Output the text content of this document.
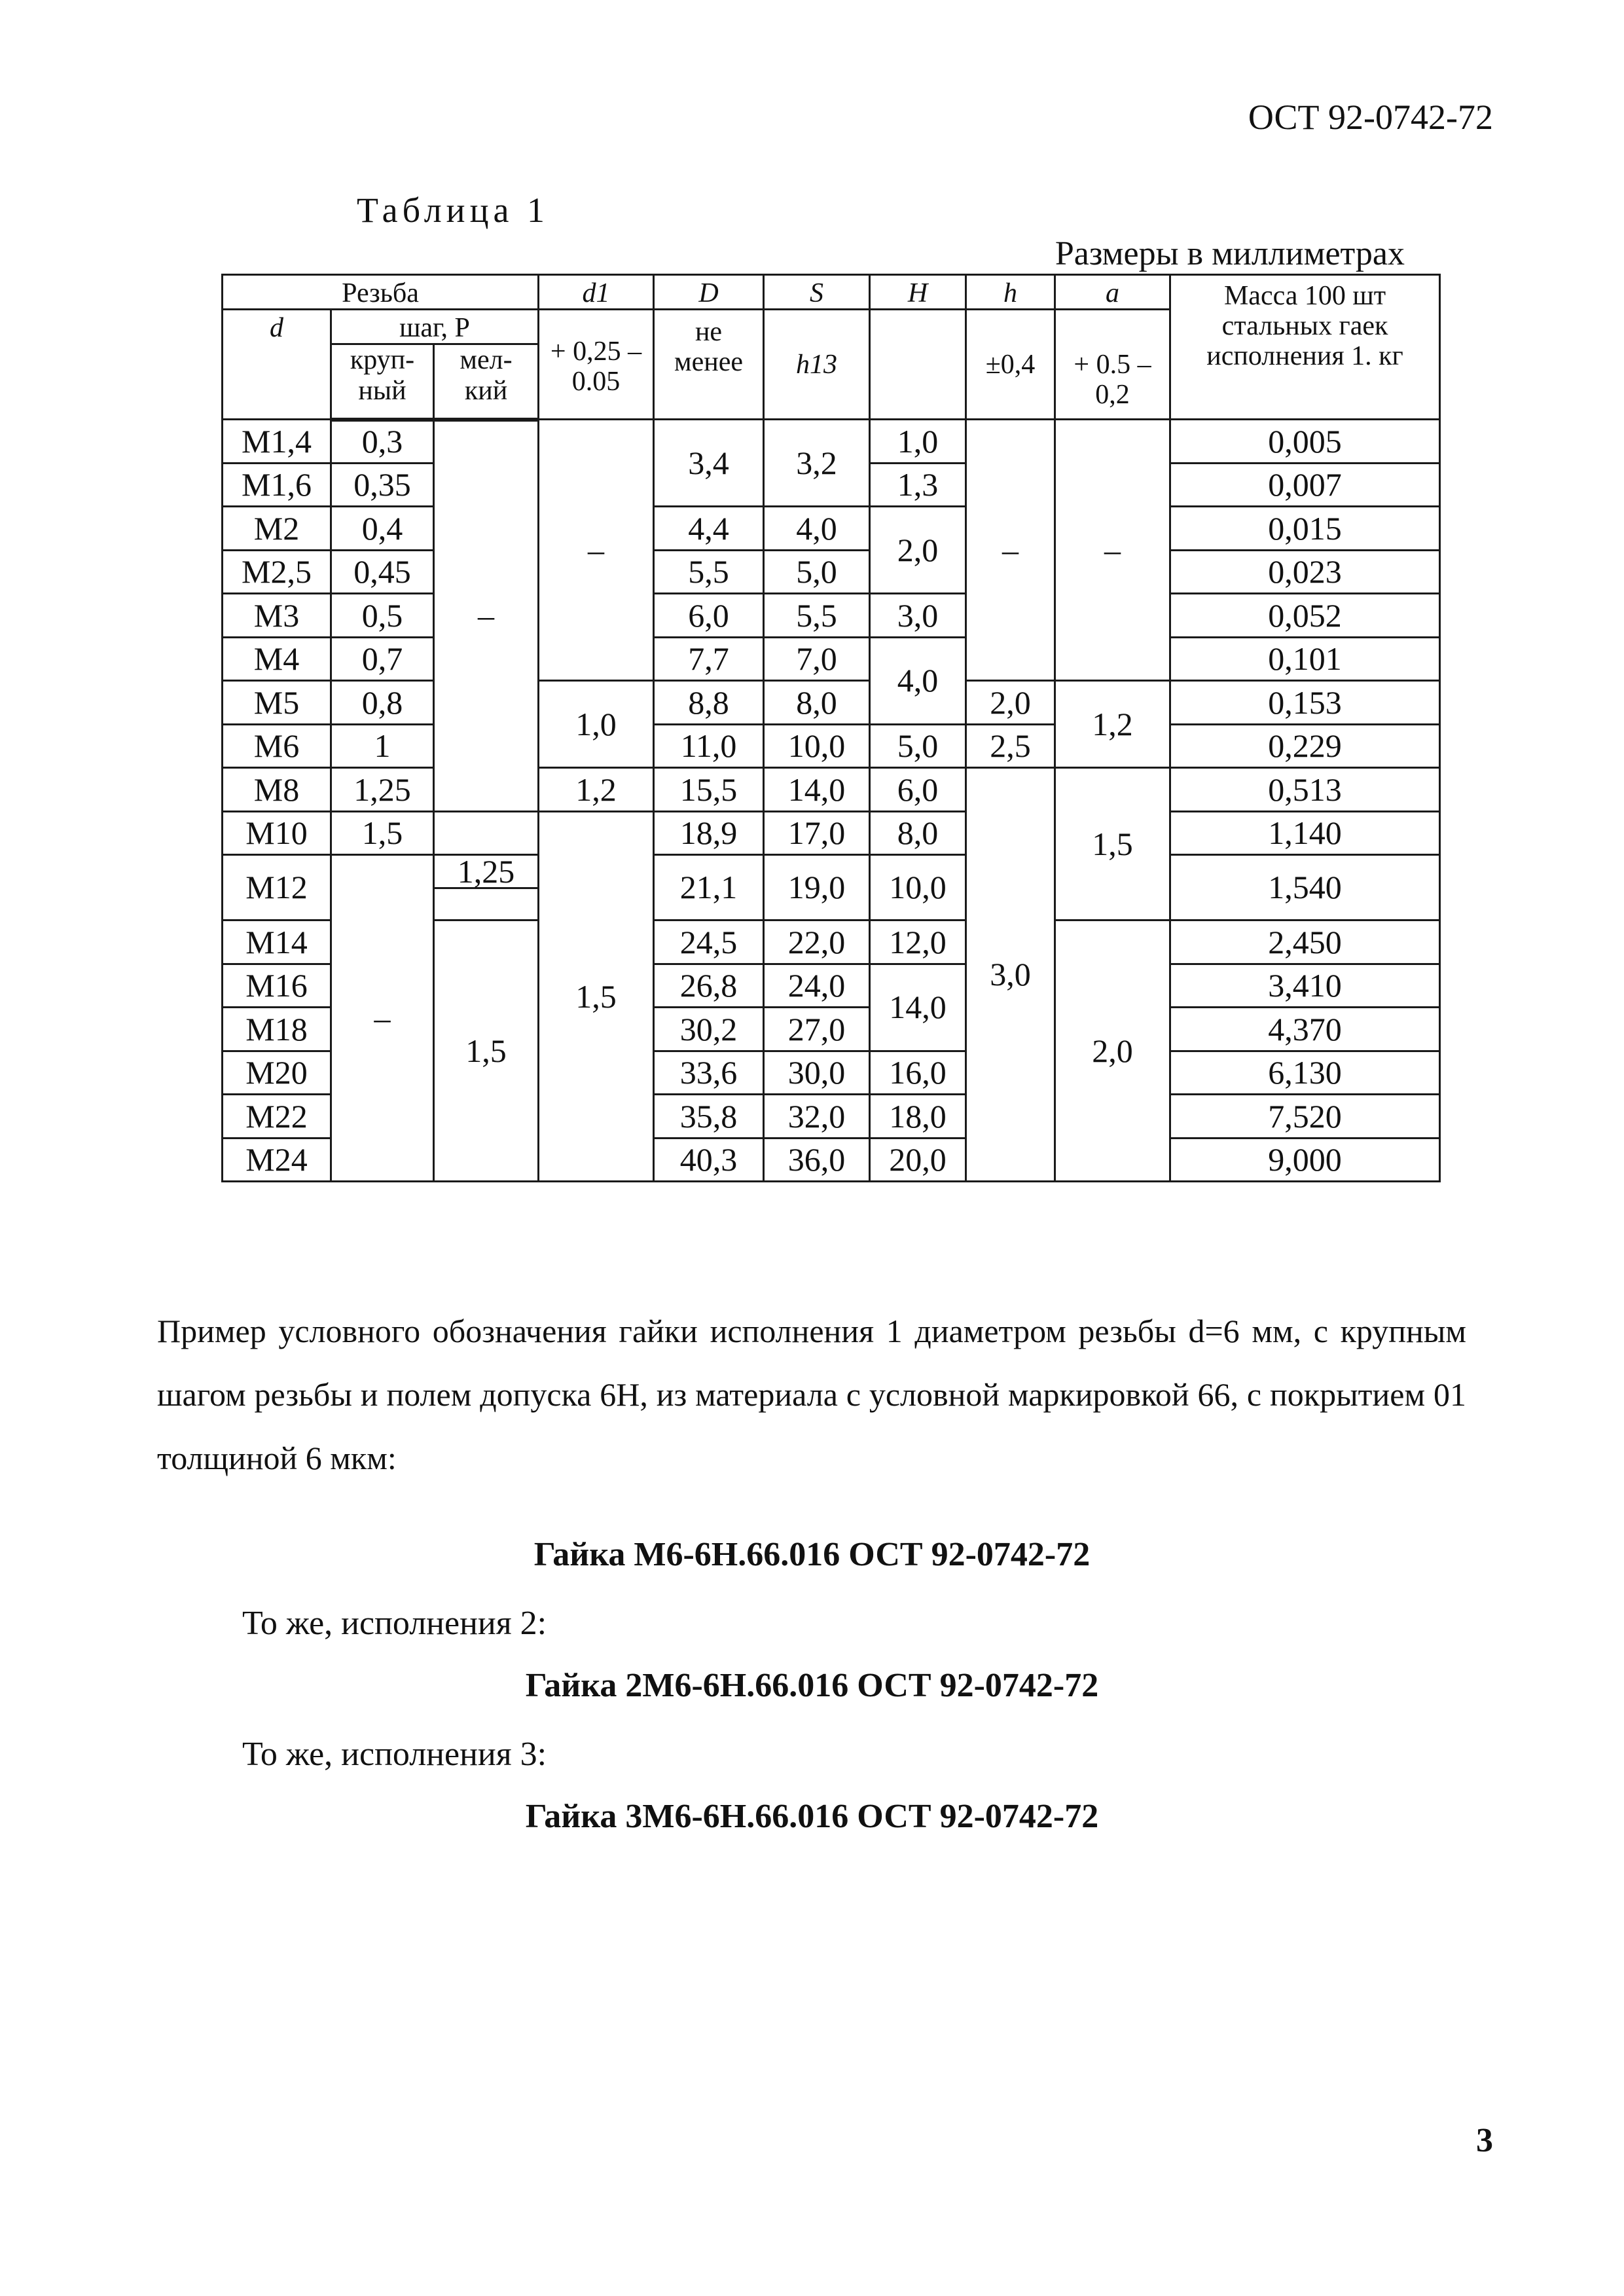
ОСТ 92-0742-72
Таблица 1
Размеры в миллиметрах
Резьба			d1	D	S	H	h	a	Масса 100 шт стальных гаек исполнения 1. кг
d	шаг, P		+ 0,25 – 0.05	не менее	h13		±0,4	+ 0.5 – 0,2	
	круп-ный	мел-кий							
M1,4	0,3	–	–	3,4	3,2	1,0	–	–	0,005
M1,6	0,35					1,3			0,007
M2	0,4			4,4	4,0	2,0			0,015
M2,5	0,45			5,5	5,0				0,023
M3	0,5			6,0	5,5	3,0			0,052
M4	0,7			7,7	7,0	4,0			0,101
M5	0,8		1,0	8,8	8,0		2,0	1,2	0,153
M6	1			11,0	10,0	5,0	2,5		0,229
M8	1,25		1,2	15,5	14,0	6,0	3,0	1,5	0,513
M10	1,5		1,5	18,9	17,0	8,0			1,140
M12	–	1,25		21,1	19,0	10,0			1,540
M14		1,5		24,5	22,0	12,0		2,0	2,450
M16				26,8	24,0	14,0			3,410
M18				30,2	27,0				4,370
M20				33,6	30,0	16,0			6,130
M22				35,8	32,0	18,0			7,520
M24				40,3	36,0	20,0			9,000
Пример условного обозначения гайки исполнения 1 диаметром резьбы d=6 мм, с крупным шагом резьбы и полем допуска 6H, из материала с условной маркировкой 66, с покрытием 01 толщиной 6 мкм:
Гайка М6-6Н.66.016 ОСТ 92-0742-72
То же, исполнения 2:
Гайка 2М6-6Н.66.016 ОСТ 92-0742-72
То же, исполнения 3:
Гайка 3М6-6Н.66.016 ОСТ 92-0742-72
3
